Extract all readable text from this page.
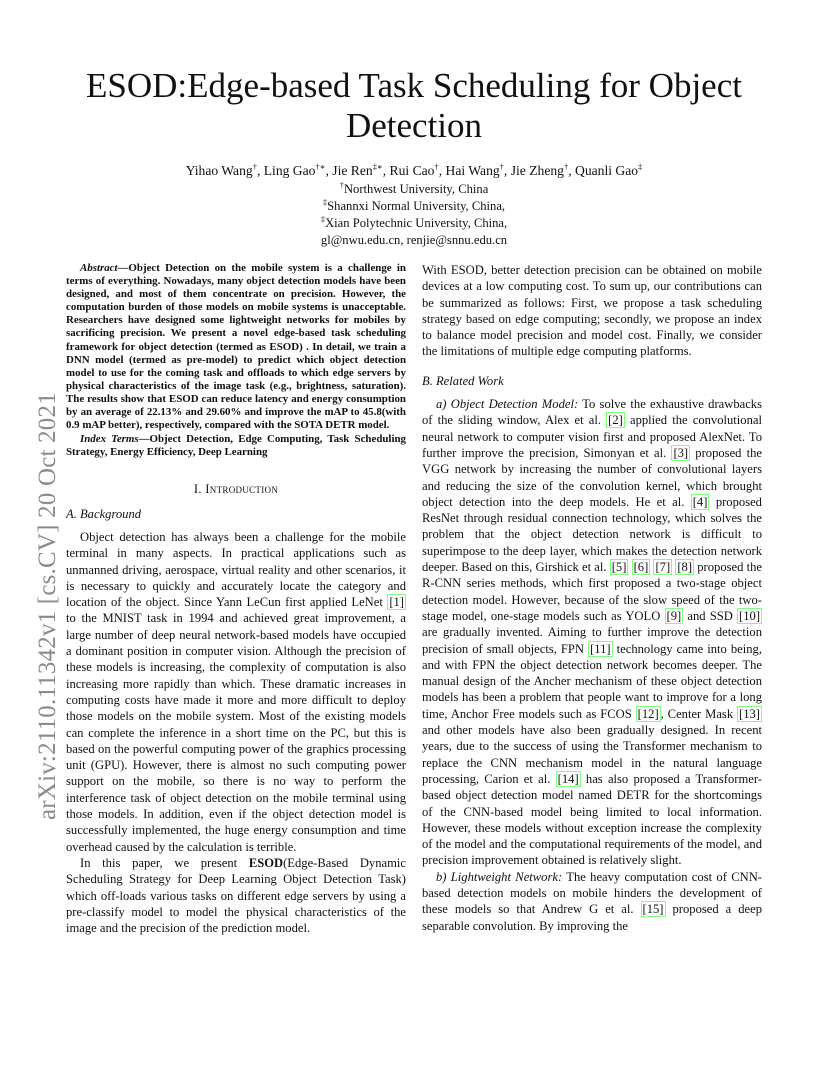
arXiv:2110.11342v1 [cs.CV] 20 Oct 2021
ESOD:Edge-based Task Scheduling for Object Detection
Yihao Wang†, Ling Gao†∗, Jie Ren‡∗, Rui Cao†, Hai Wang†, Jie Zheng†, Quanli Gao‡
†Northwest University, China
‡Shannxi Normal University, China,
‡Xian Polytechnic University, China,
gl@nwu.edu.cn, renjie@snnu.edu.cn

Abstract—Object Detection on the mobile system is a challenge in terms of everything. Nowadays, many object detection models have been designed, and most of them concentrate on precision. However, the computation burden of those models on mobile systems is unacceptable. Researchers have designed some lightweight networks for mobiles by sacrificing precision. We present a novel edge-based task scheduling framework for object detection (termed as ESOD) . In detail, we train a DNN model (termed as pre-model) to predict which object detection model to use for the coming task and offloads to which edge servers by physical characteristics of the image task (e.g., brightness, saturation). The results show that ESOD can reduce latency and energy consumption by an average of 22.13% and 29.60% and improve the mAP to 45.8(with 0.9 mAP better), respectively, compared with the SOTA DETR model.

Index Terms—Object Detection, Edge Computing, Task Scheduling Strategy, Energy Efficiency, Deep Learning

I. Introduction

A. Background

Object detection has always been a challenge for the mobile terminal in many aspects. In practical applications such as unmanned driving, aerospace, virtual reality and other scenarios, it is necessary to quickly and accurately locate the category and location of the object. Since Yann LeCun first applied LeNet [1] to the MNIST task in 1994 and achieved great improvement, a large number of deep neural network-based models have occupied a dominant position in computer vision. Although the precision of these models is increasing, the complexity of computation is also increasing more rapidly than which. These dramatic increases in computing costs have made it more and more difficult to deploy those models on the mobile system. Most of the existing models can complete the inference in a short time on the PC, but this is based on the powerful computing power of the graphics processing unit (GPU). However, there is almost no such computing power support on the mobile, so there is no way to perform the interference task of object detection on the mobile terminal using those models. In addition, even if the object detection model is successfully implemented, the huge energy consumption and time overhead caused by the calculation is terrible.

In this paper, we present ESOD(Edge-Based Dynamic Scheduling Strategy for Deep Learning Object Detection Task) which off-loads various tasks on different edge servers by using a pre-classify model to model the physical characteristics of the image and the precision of the prediction model.

With ESOD, better detection precision can be obtained on mobile devices at a low computing cost. To sum up, our contributions can be summarized as follows: First, we propose a task scheduling strategy based on edge computing; secondly, we propose an index to balance model precision and model cost. Finally, we consider the limitations of multiple edge computing platforms.

B. Related Work

a) Object Detection Model: To solve the exhaustive drawbacks of the sliding window, Alex et al. [2] applied the convolutional neural network to computer vision first and proposed AlexNet. To further improve the precision, Simonyan et al. [3] proposed the VGG network by increasing the number of convolutional layers and reducing the size of the convolution kernel, which brought object detection into the deep models. He et al. [4] proposed ResNet through residual connection technology, which solves the problem that the object detection network is difficult to superimpose to the deep layer, which makes the detection network deeper. Based on this, Girshick et al. [5] [6] [7] [8] proposed the R-CNN series methods, which first proposed a two-stage object detection model. However, because of the slow speed of the two-stage model, one-stage models such as YOLO [9] and SSD [10] are gradually invented. Aiming to further improve the detection precision of small objects, FPN [11] technology came into being, and with FPN the object detection network becomes deeper. The manual design of the Ancher mechanism of these object detection models has been a problem that people want to improve for a long time, Anchor Free models such as FCOS [12] , Center Mask [13] and other models have also been gradually designed. In recent years, due to the success of using the Transformer mechanism to replace the CNN mechanism model in the natural language processing, Carion et al. [14] has also proposed a Transformer-based object detection model named DETR for the shortcomings of the CNN-based model being limited to local information. However, these models without exception increase the complexity of the model and the computational requirements of the model, and precision improvement obtained is relatively slight.

b) Lightweight Network: The heavy computation cost of CNN-based detection models on mobile hinders the development of these models so that Andrew G et al. [15] proposed a deep separable convolution. By improving the
